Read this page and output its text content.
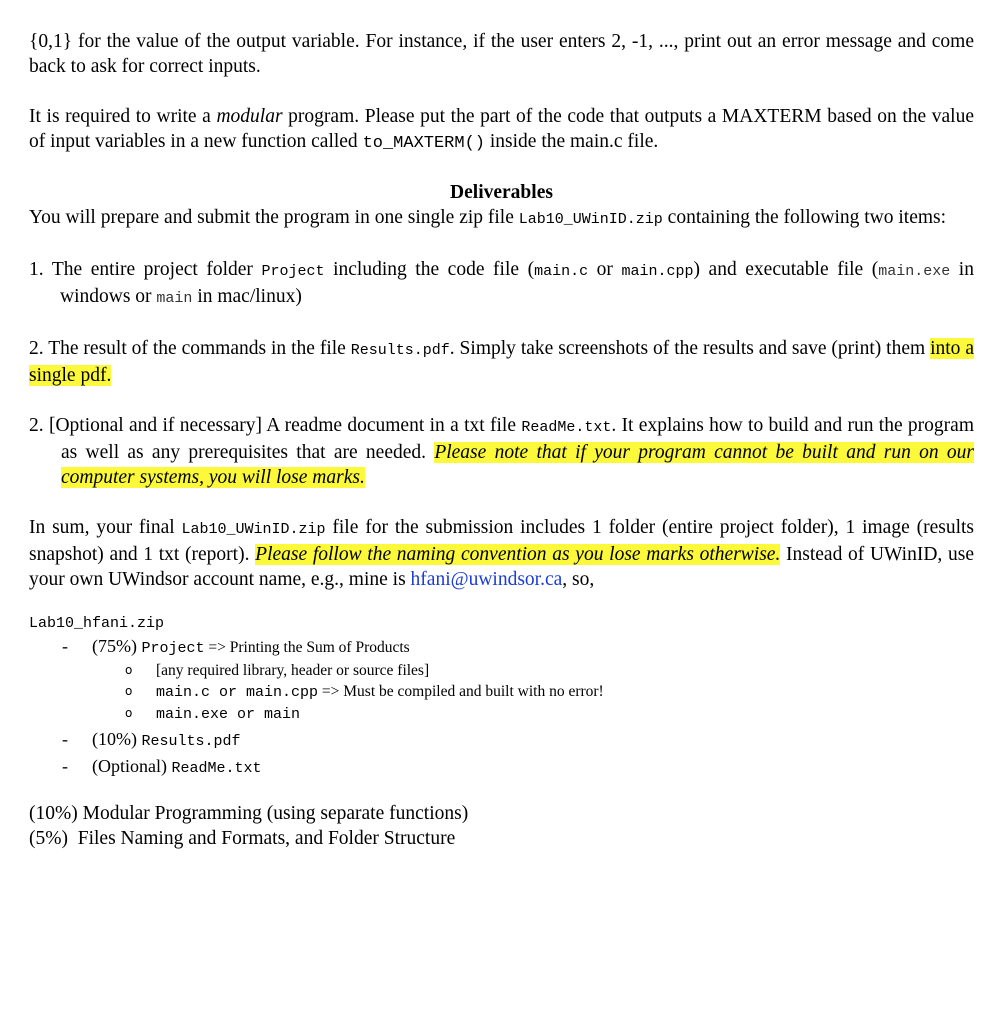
{0,1} for the value of the output variable. For instance, if the user enters 2, -1, ..., print out an error message and come back to ask for correct inputs.

It is required to write a modular program. Please put the part of the code that outputs a MAXTERM based on the value of input variables in a new function called to_MAXTERM() inside the main.c file.

Deliverables

You will prepare and submit the program in one single zip file Lab10_UWinID.zip containing the following two items:

1. The entire project folder Project including the code file (main.c or main.cpp) and executable file (main.exe in windows or main in mac/linux)

2. The result of the commands in the file Results.pdf. Simply take screenshots of the results and save (print) them into a single pdf.

2. [Optional and if necessary] A readme document in a txt file ReadMe.txt. It explains how to build and run the program as well as any prerequisites that are needed. Please note that if your program cannot be built and run on our computer systems, you will lose marks.

In sum, your final Lab10_UWinID.zip file for the submission includes 1 folder (entire project folder), 1 image (results snapshot) and 1 txt (report). Please follow the naming convention as you lose marks otherwise. Instead of UWinID, use your own UWindsor account name, e.g., mine is hfani@uwindsor.ca, so,

Lab10_hfani.zip
- (75%) Project => Printing the Sum of Products
o [any required library, header or source files]
o main.c or main.cpp => Must be compiled and built with no error!
o main.exe or main
- (10%) Results.pdf
- (Optional) ReadMe.txt

(10%) Modular Programming (using separate functions)

(5%)  Files Naming and Formats, and Folder Structure
